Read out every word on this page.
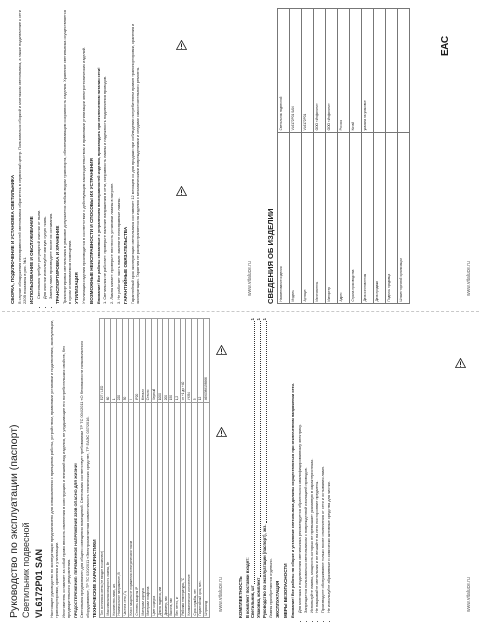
Руководство по эксплуатации (паспорт) Светильник подвесной VL6172P01 SAN Настоящее руководство по эксплуатации предназначено для ознакомления с принципом работы, устройством, правилами установки и подключения, эксплуатации, транспортировки, хранения и утилизации. Изготовитель оставляет за собой право вносить изменения в конструкцию и внешний вид изделия, не ухудшающие его потребительских свойств, без предварительного уведомления. ПРЕДОСТЕРЕЖЕНИЕ: ПЕРЕМЕННОЕ НАПРЯЖЕНИЕ 220В ОПАСНО ДЛЯ ЖИЗНИ! Светильник предназначен для общего освещения помещений. Светильник соответствует требованиям ТР ТС 004/2011 «О безопасности низковольтного оборудования», ТР ТС 020/2011 «Электромагнитная совместимость технических средств», ТР ЕАЭС 037/2016. ТЕХНИЧЕСКИЕ ХАРАКТЕРИСТИКИ	Тип источника света (не входит в комплект)	E27 / LED
Максимальная мощность лампы, Вт	60
Количество ламп, шт.	1
Номинальное напряжение, В	220
Частота сети, Гц	50
Класс защиты от поражения электрическим током	I
Степень защиты IP	IP20
Материал корпуса	Металл
Материал плафона	Стекло
Цвет корпуса	Черный
Длина подвеса, мм	1000
Диаметр, мм	200
Высота, мм	150
Вес нетто, кг	1,2
Рабочая температура, °С	от +1 до +40
Климатическое исполнение	УХЛ4
Срок службы, лет	5
Гарантийный срок, мес.	12
Штрихкод	4690389158966
КОМПЛЕКТНОСТЬ В комплект поставки входят: Светильник, шт
1
Упаковка, комплект
1
Руководство по эксплуатации (паспорт), экз.
1

Лампы приобретаются отдельно. ЭКСПЛУАТАЦИЯ МЕРЫ БЕЗОПАСНОСТИ Внимание! Все работы по сборке и установке светильника должны осуществляться при отключенном напряжении сети. • Для монтажа и подключения светильника рекомендуется обратиться к квалифицированному электрику. • Запрещается пользоваться светильником с поврежденной изоляцией проводов. • Используйте лампы, мощность которых не превышает указанную в характеристиках. • Не накрывайте светильник и не вешайте на него посторонние предметы. • Производите обслуживание только после отключения от сети и остывания ламп. • Не используйте абразивные и химически активные средства для чистки.
www.vitaluce.ru	www.vitaluce.ru
СБОРКА, ПОДКЛЮЧЕНИЕ И УСТАНОВКА СВЕТИЛЬНИКА В случае обнаружения неисправностей светильника обратитесь в сервисный центр. Пользоваться сборкой и монтажом светильника, а также подключение к сети 220В показаны в рис. №1. ИСПОЛЬЗОВАНИЕ И ОБСЛУЖИВАНИЕ • Светильник требует регулярной очистки от пыли. • Для очистки используйте мягкую сухую ткань. • Замену ламп производите после их остывания. ТРАНСПОРТИРОВКА И ХРАНЕНИЕ Транспортировка светильника в упаковке допускается любым видом транспорта, обеспечивающим сохранность изделия. Хранение светильника осуществляется в сухом отапливаемом помещении. УТИЛИЗАЦИЯ Утилизация изделия производится в соответствии с действующим законодательством и правилами утилизации электротехнических изделий. ВОЗМОЖНЫЕ НЕИСПРАВНОСТИ И СПОСОБЫ ИХ УСТРАНЕНИЯ Внимание! Все работы связанные с устранением неисправностей изделия, производить при отключенном питании сети! 1. Светильник не работает: проверьте наличие напряжения в сети, исправность лампы и надежность подключения проводов. 2. Лампа мигает: проверьте плотность установки лампы в патроне. 3. Не работает часть ламп: замените неисправные лампы. ГАРАНТИЙНЫЕ ОБЯЗАТЕЛЬСТВА Гарантийный срок эксплуатации светильника составляет 12 месяцев со дня продажи при соблюдении потребителем правил транспортировки, хранения и эксплуатации. Гарантия не распространяется на изделия с механическими повреждениями и следами самостоятельного ремонта.	СВЕДЕНИЯ ОБ ИЗДЕЛИИ Наименование изделия	Светильник подвесной
Модель	VL6172P01 SAN
Артикул	VL6172P01
Изготовитель	ООО «Инфинити»
Импортер	ООО «Инфинити»
Адрес	Россия
Страна производства	Китай
Дата изготовления	указана на упаковке
Дата продажи	
Подпись продавца	
Штамп торговой организации	
EAC
www.vitaluce.ru	www.vitaluce.ru
